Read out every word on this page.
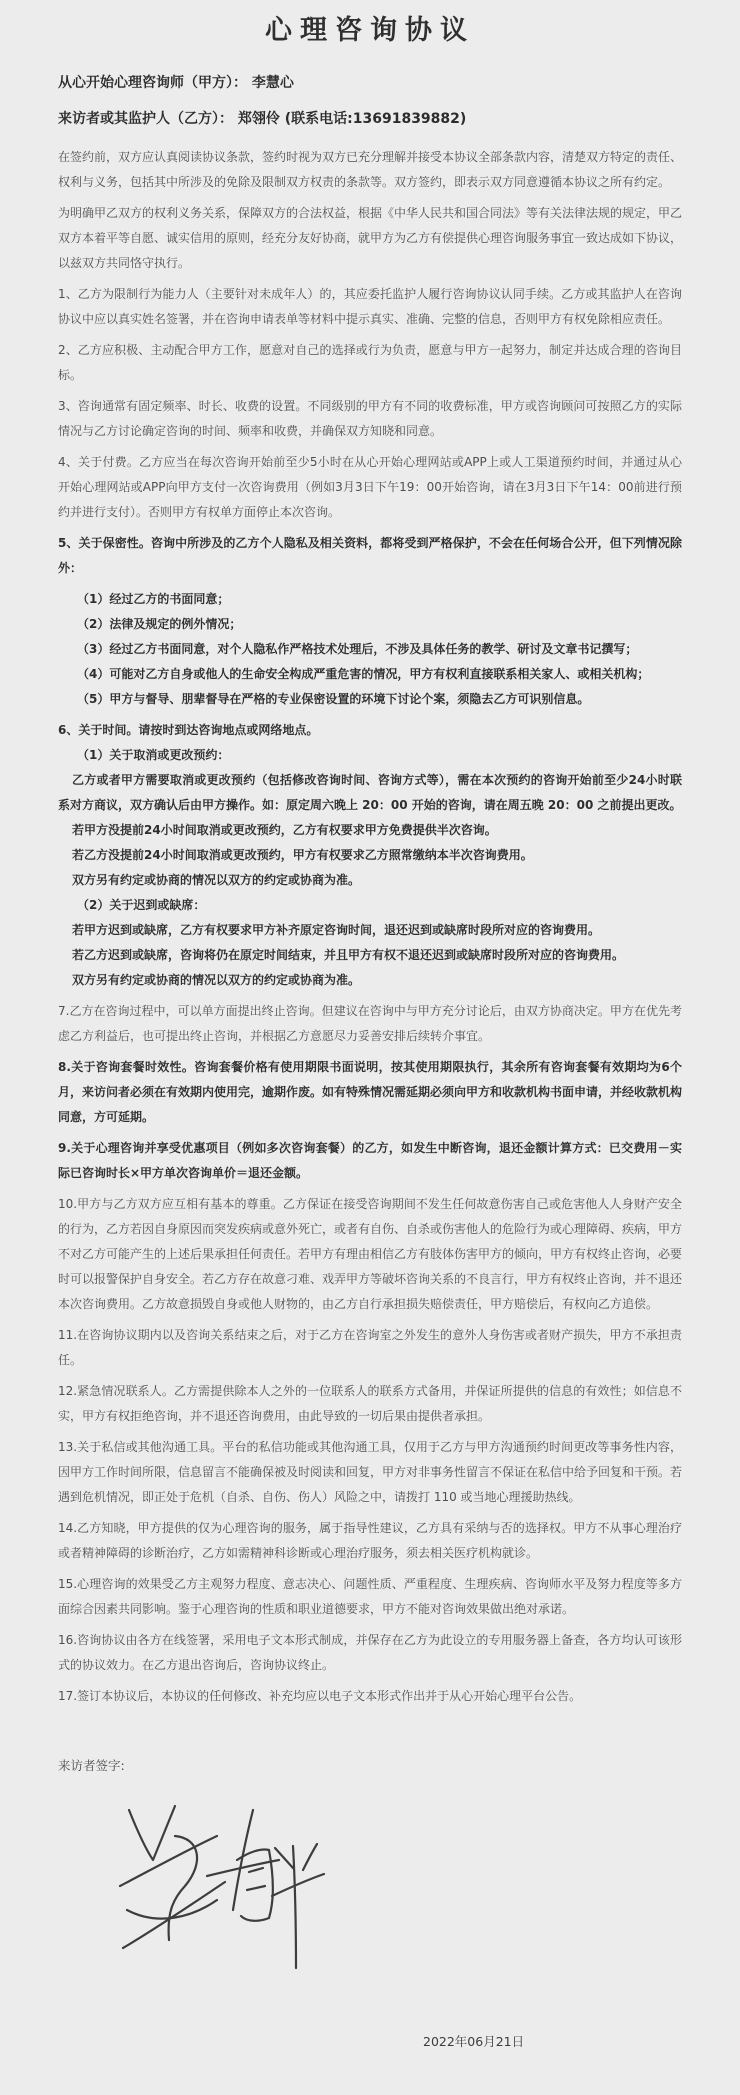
心理咨询协议
从心开始心理咨询师（甲方）： 李慧心
来访者或其监护人（乙方）： 郑翎伶 (联系电话:13691839882)
在签约前，双方应认真阅读协议条款，签约时视为双方已充分理解并接受本协议全部条款内容，清楚双方特定的责任、权利与义务，包括其中所涉及的免除及限制双方权责的条款等。双方签约，即表示双方同意遵循本协议之所有约定。
为明确甲乙双方的权利义务关系，保障双方的合法权益，根据《中华人民共和国合同法》等有关法律法规的规定，甲乙双方本着平等自愿、诚实信用的原则，经充分友好协商，就甲方为乙方有偿提供心理咨询服务事宜一致达成如下协议，以兹双方共同恪守执行。
1、乙方为限制行为能力人（主要针对未成年人）的，其应委托监护人履行咨询协议认同手续。乙方或其监护人在咨询协议中应以真实姓名签署，并在咨询申请表单等材料中提示真实、准确、完整的信息，否则甲方有权免除相应责任。
2、乙方应积极、主动配合甲方工作，愿意对自己的选择或行为负责，愿意与甲方一起努力，制定并达成合理的咨询目标。
3、咨询通常有固定频率、时长、收费的设置。不同级别的甲方有不同的收费标准，甲方或咨询顾问可按照乙方的实际情况与乙方讨论确定咨询的时间、频率和收费，并确保双方知晓和同意。
4、关于付费。乙方应当在每次咨询开始前至少5小时在从心开始心理网站或APP上或人工渠道预约时间，并通过从心开始心理网站或APP向甲方支付一次咨询费用（例如3月3日下午19：00开始咨询，请在3月3日下午14：00前进行预约并进行支付）。否则甲方有权单方面停止本次咨询。
5、关于保密性。咨询中所涉及的乙方个人隐私及相关资料，都将受到严格保护，不会在任何场合公开，但下列情况除外：
（1）经过乙方的书面同意；
（2）法律及规定的例外情况；
（3）经过乙方书面同意，对个人隐私作严格技术处理后，不涉及具体任务的教学、研讨及文章书记撰写；
（4）可能对乙方自身或他人的生命安全构成严重危害的情况，甲方有权利直接联系相关家人、或相关机构；
（5）甲方与督导、朋辈督导在严格的专业保密设置的环境下讨论个案，须隐去乙方可识别信息。
6、关于时间。请按时到达咨询地点或网络地点。
（1）关于取消或更改预约：
乙方或者甲方需要取消或更改预约（包括修改咨询时间、咨询方式等），需在本次预约的咨询开始前至少24小时联系对方商议，双方确认后由甲方操作。如：原定周六晚上 20：00 开始的咨询，请在周五晚 20：00 之前提出更改。
若甲方没提前24小时间取消或更改预约，乙方有权要求甲方免费提供半次咨询。
若乙方没提前24小时间取消或更改预约，甲方有权要求乙方照常缴纳本半次咨询费用。
双方另有约定或协商的情况以双方的约定或协商为准。
（2）关于迟到或缺席：
若甲方迟到或缺席，乙方有权要求甲方补齐原定咨询时间，退还迟到或缺席时段所对应的咨询费用。
若乙方迟到或缺席，咨询将仍在原定时间结束，并且甲方有权不退还迟到或缺席时段所对应的咨询费用。
双方另有约定或协商的情况以双方的约定或协商为准。
7.乙方在咨询过程中，可以单方面提出终止咨询。但建议在咨询中与甲方充分讨论后，由双方协商决定。甲方在优先考虑乙方利益后，也可提出终止咨询，并根据乙方意愿尽力妥善安排后续转介事宜。
8.关于咨询套餐时效性。咨询套餐价格有使用期限书面说明，按其使用期限执行，其余所有咨询套餐有效期均为6个月，来访问者必须在有效期内使用完，逾期作废。如有特殊情况需延期必须向甲方和收款机构书面申请，并经收款机构同意，方可延期。
9.关于心理咨询并享受优惠项目（例如多次咨询套餐）的乙方，如发生中断咨询，退还金额计算方式：已交费用－实际已咨询时长×甲方单次咨询单价＝退还金额。
10.甲方与乙方双方应互相有基本的尊重。乙方保证在接受咨询期间不发生任何故意伤害自己或危害他人人身财产安全的行为，乙方若因自身原因而突发疾病或意外死亡，或者有自伤、自杀或伤害他人的危险行为或心理障碍、疾病，甲方不对乙方可能产生的上述后果承担任何责任。若甲方有理由相信乙方有肢体伤害甲方的倾向，甲方有权终止咨询，必要时可以报警保护自身安全。若乙方存在故意刁难、戏弄甲方等破坏咨询关系的不良言行，甲方有权终止咨询，并不退还本次咨询费用。乙方故意损毁自身或他人财物的，由乙方自行承担损失赔偿责任，甲方赔偿后，有权向乙方追偿。
11.在咨询协议期内以及咨询关系结束之后，对于乙方在咨询室之外发生的意外人身伤害或者财产损失，甲方不承担责任。
12.紧急情况联系人。乙方需提供除本人之外的一位联系人的联系方式备用，并保证所提供的信息的有效性；如信息不实，甲方有权拒绝咨询，并不退还咨询费用，由此导致的一切后果由提供者承担。
13.关于私信或其他沟通工具。平台的私信功能或其他沟通工具，仅用于乙方与甲方沟通预约时间更改等事务性内容，因甲方工作时间所限，信息留言不能确保被及时阅读和回复，甲方对非事务性留言不保证在私信中给予回复和干预。若遇到危机情况，即正处于危机（自杀、自伤、伤人）风险之中，请拨打 110 或当地心理援助热线。
14.乙方知晓，甲方提供的仅为心理咨询的服务，属于指导性建议，乙方具有采纳与否的选择权。甲方不从事心理治疗或者精神障碍的诊断治疗，乙方如需精神科诊断或心理治疗服务，须去相关医疗机构就诊。
15.心理咨询的效果受乙方主观努力程度、意志决心、问题性质、严重程度、生理疾病、咨询师水平及努力程度等多方面综合因素共同影响。鉴于心理咨询的性质和职业道德要求，甲方不能对咨询效果做出绝对承诺。
16.咨询协议由各方在线签署，采用电子文本形式制成，并保存在乙方为此设立的专用服务器上备查，各方均认可该形式的协议效力。在乙方退出咨询后，咨询协议终止。
17.签订本协议后，本协议的任何修改、补充均应以电子文本形式作出并于从心开始心理平台公告。
来访者签字:
2022年06月21日
